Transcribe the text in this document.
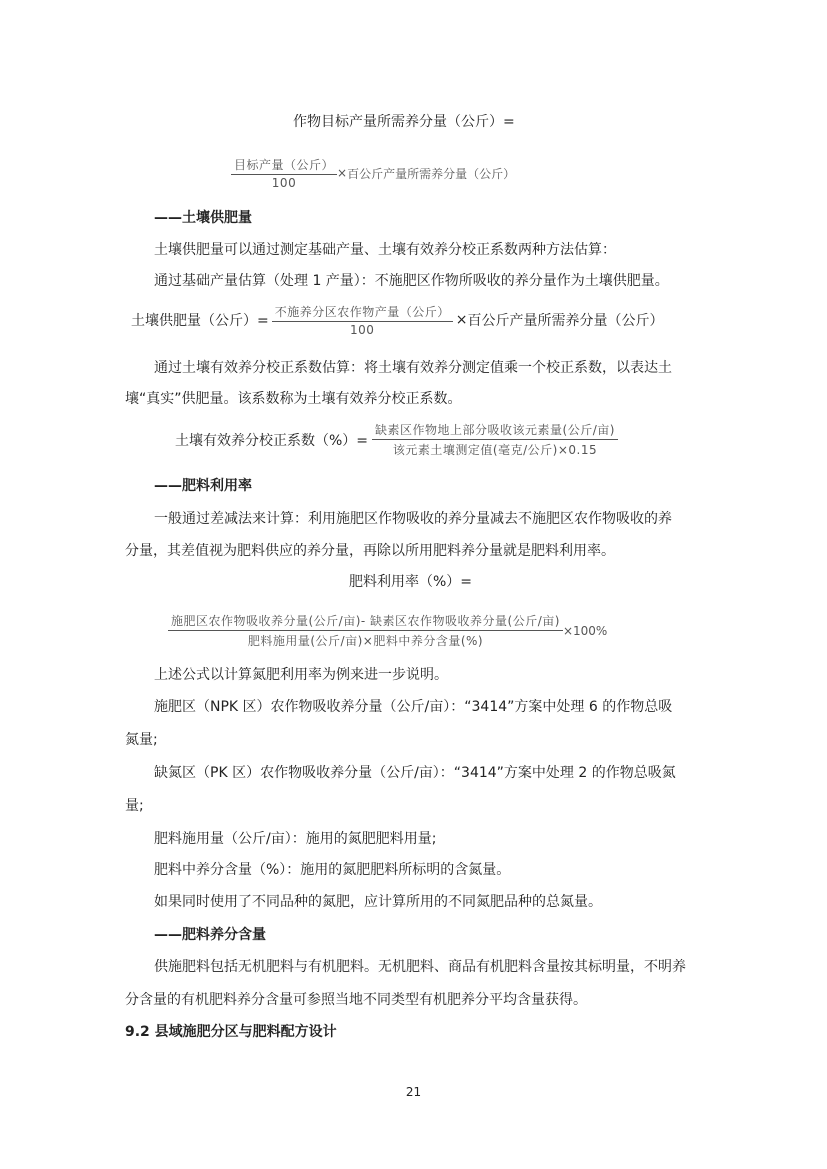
作物目标产量所需养分量（公斤）=
$\frac{\text{目标产量（公斤）}}{100}$ × 百公斤产量所需养分量（公斤）
——土壤供肥量
土壤供肥量可以通过测定基础产量、土壤有效养分校正系数两种方法估算：
通过基础产量估算（处理 1 产量）：不施肥区作物所吸收的养分量作为土壤供肥量。
土壤供肥量（公斤）= $\frac{\text{不施养分区农作物产量（公斤）}}{100}$ × 百公斤产量所需养分量（公斤）
通过土壤有效养分校正系数估算：将土壤有效养分测定值乘一个校正系数，以表达土
壤“真实”供肥量。该系数称为土壤有效养分校正系数。
土壤有效养分校正系数（%）= $\frac{\text{缺素区作物地上部分吸收该元素量(公斤/亩)}}{\text{该元素土壤测定值(毫克/公斤)×0.15}}$
——肥料利用率
一般通过差减法来计算：利用施肥区作物吸收的养分量减去不施肥区农作物吸收的养
分量，其差值视为肥料供应的养分量，再除以所用肥料养分量就是肥料利用率。
肥料利用率（%）=
$\frac{\text{施肥区农作物吸收养分量(公斤/亩)- 缺素区农作物吸收养分量(公斤/亩)}}{\text{肥料施用量(公斤/亩)×肥料中养分含量(\%)}} \times 100\%$
上述公式以计算氮肥利用率为例来进一步说明。
施肥区（NPK 区）农作物吸收养分量（公斤/亩）：“3414”方案中处理 6 的作物总吸
氮量;
缺氮区（PK 区）农作物吸收养分量（公斤/亩）：“3414”方案中处理 2 的作物总吸氮
量;
肥料施用量（公斤/亩）：施用的氮肥肥料用量;
肥料中养分含量（%）：施用的氮肥肥料所标明的含氮量。
如果同时使用了不同品种的氮肥，应计算所用的不同氮肥品种的总氮量。
——肥料养分含量
供施肥料包括无机肥料与有机肥料。无机肥料、商品有机肥料含量按其标明量，不明养
分含量的有机肥料养分含量可参照当地不同类型有机肥养分平均含量获得。
9.2 县域施肥分区与肥料配方设计
21
